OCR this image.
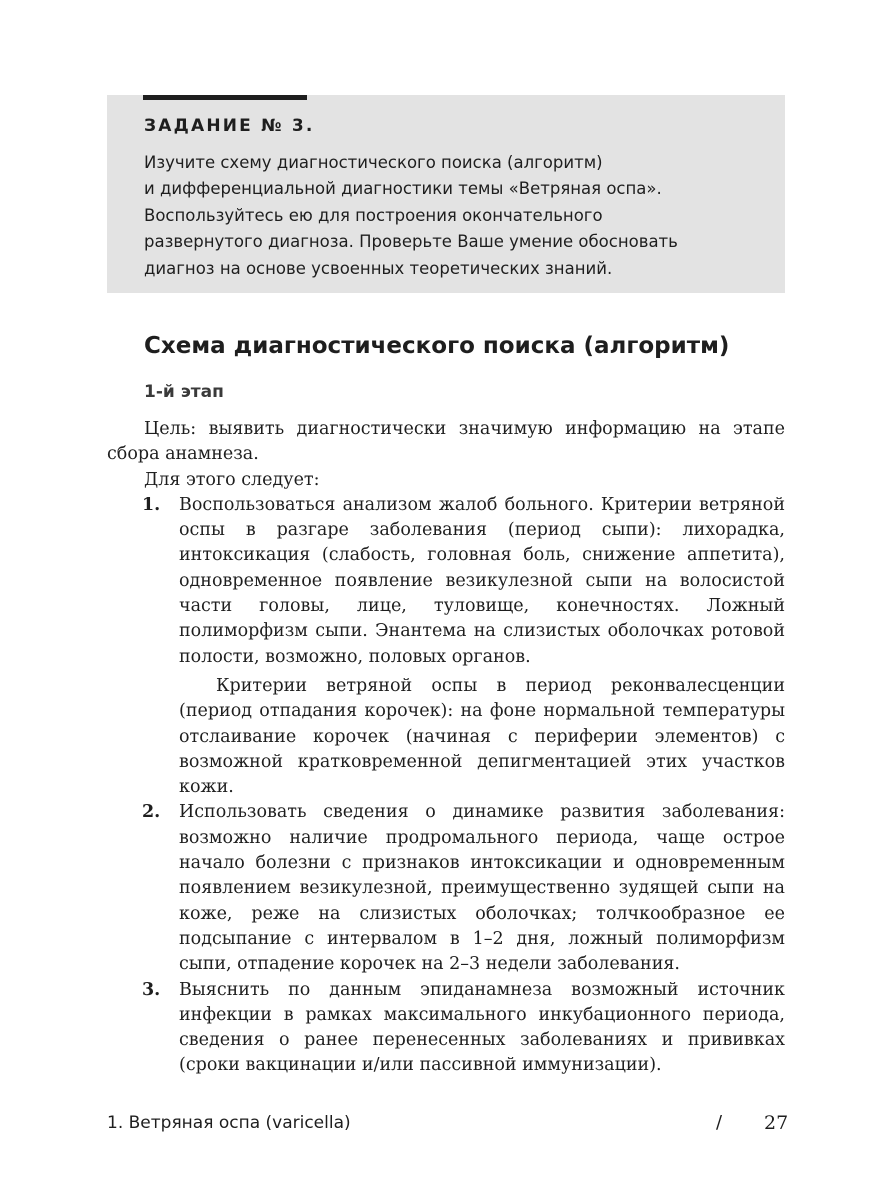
ЗАДАНИЕ № 3.
Изучите схему диагностического поиска (алгоритм)
и дифференциальной диагностики темы «Ветряная оспа».
Воспользуйтесь ею для построения окончательного
развернутого диагноза. Проверьте Ваше умение обосновать
диагноз на основе усвоенных теоретических знаний.
Схема диагностического поиска (алгоритм)
1-й этап

Цель: выявить диагностически значимую информацию на этапе сбора анамнеза.

Для этого следует:

1.	Воспользоваться анализом жалоб больного. Критерии ветряной оспы в разгаре заболевания (период сыпи): лихорадка, интоксикация (слабость, головная боль, снижение аппетита), одновременное появление везикулезной сыпи на волосистой части головы, лице, туловище, конечностях. Ложный полиморфизм сыпи. Энантема на слизистых оболочках ротовой полости, возможно, половых органов.
Критерии ветряной оспы в период реконвалесценции (период отпадания корочек): на фоне нормальной температуры отслаивание корочек (начиная с периферии элементов) с возможной кратковременной депигментацией этих участков кожи.
2.	Использовать сведения о динамике развития заболевания: возможно наличие продромального периода, чаще острое начало болезни с признаков интоксикации и одновременным появлением везикулезной, преимущественно зудящей сыпи на коже, реже на слизистых оболочках; толчкообразное ее подсыпание с интервалом в 1–2 дня, ложный полиморфизм сыпи, отпадение корочек на 2–3 недели заболевания.
3.	Выяснить по данным эпиданамнеза возможный источник инфекции в рамках максимального инкубационного периода, сведения о ранее перенесенных заболеваниях и прививках (сроки вакцинации и/или пассивной иммунизации).
1. Ветряная оспа (varicella)	/ 27
